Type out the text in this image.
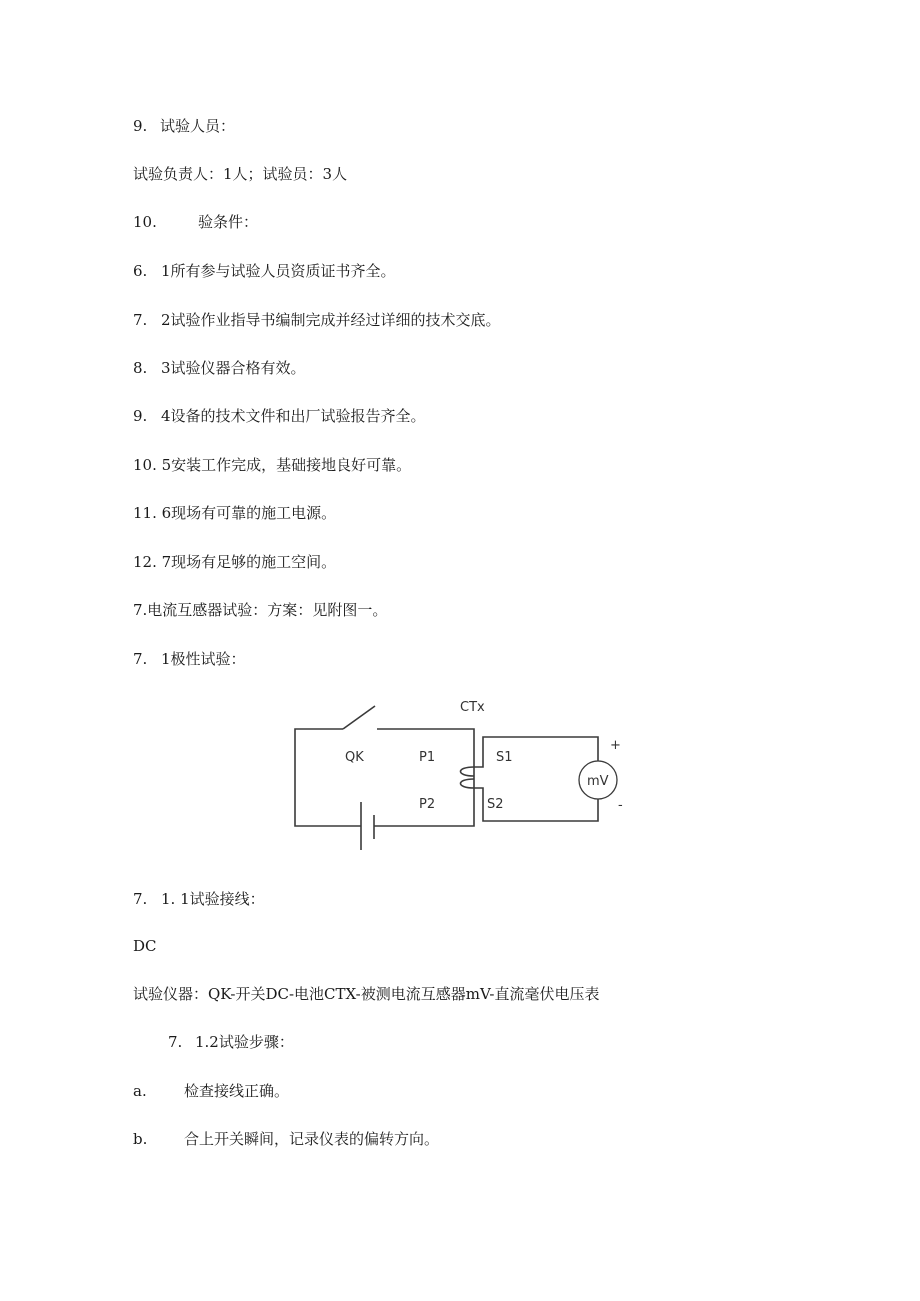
9. 试验人员：
试验负责人：1人；试验员：3人
10.	验条件：
6. 1所有参与试验人员资质证书齐全。
7. 2试验作业指导书编制完成并经过详细的技术交底。
8. 3试验仪器合格有效。
9. 4设备的技术文件和出厂试验报告齐全。
10. 5安装工作完成，基础接地良好可靠。
11. 6现场有可靠的施工电源。
12. 7现场有足够的施工空间。
7.电流互感器试验：方案：见附图一。
7. 1极性试验：
CTx
QK	P1
P2
S1
S2
mV
+
-
7. 1. 1试验接线：
DC
试验仪器：QK-开关DC-电池CTX-被测电流互感器mV-直流毫伏电压表
7. 1.2试验步骤：
a. 检查接线正确。
b. 合上开关瞬间，记录仪表的偏转方向。
